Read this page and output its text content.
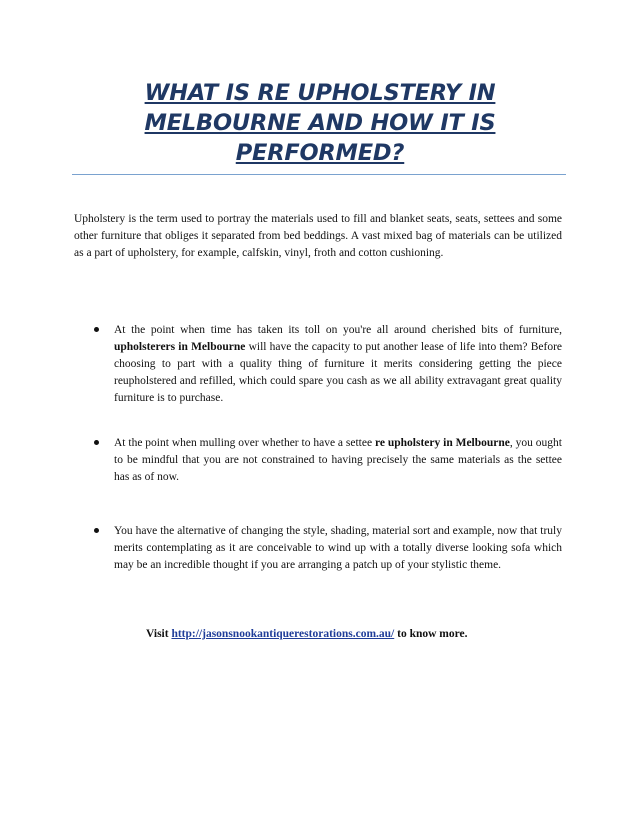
WHAT IS RE UPHOLSTERY IN MELBOURNE AND HOW IT IS PERFORMED?

Upholstery is the term used to portray the materials used to fill and blanket seats, seats, settees and some other furniture that obliges it separated from bed beddings. A vast mixed bag of materials can be utilized as a part of upholstery, for example, calfskin, vinyl, froth and cotton cushioning.

At the point when time has taken its toll on you're all around cherished bits of furniture, upholsterers in Melbourne will have the capacity to put another lease of life into them? Before choosing to part with a quality thing of furniture it merits considering getting the piece reupholstered and refilled, which could spare you cash as we all ability extravagant great quality furniture is to purchase.

At the point when mulling over whether to have a settee re upholstery in Melbourne, you ought to be mindful that you are not constrained to having precisely the same materials as the settee has as of now.

You have the alternative of changing the style, shading, material sort and example, now that truly merits contemplating as it are conceivable to wind up with a totally diverse looking sofa which may be an incredible thought if you are arranging a patch up of your stylistic theme.

Visit http://jasonsnookantiquerestorations.com.au/ to know more.
